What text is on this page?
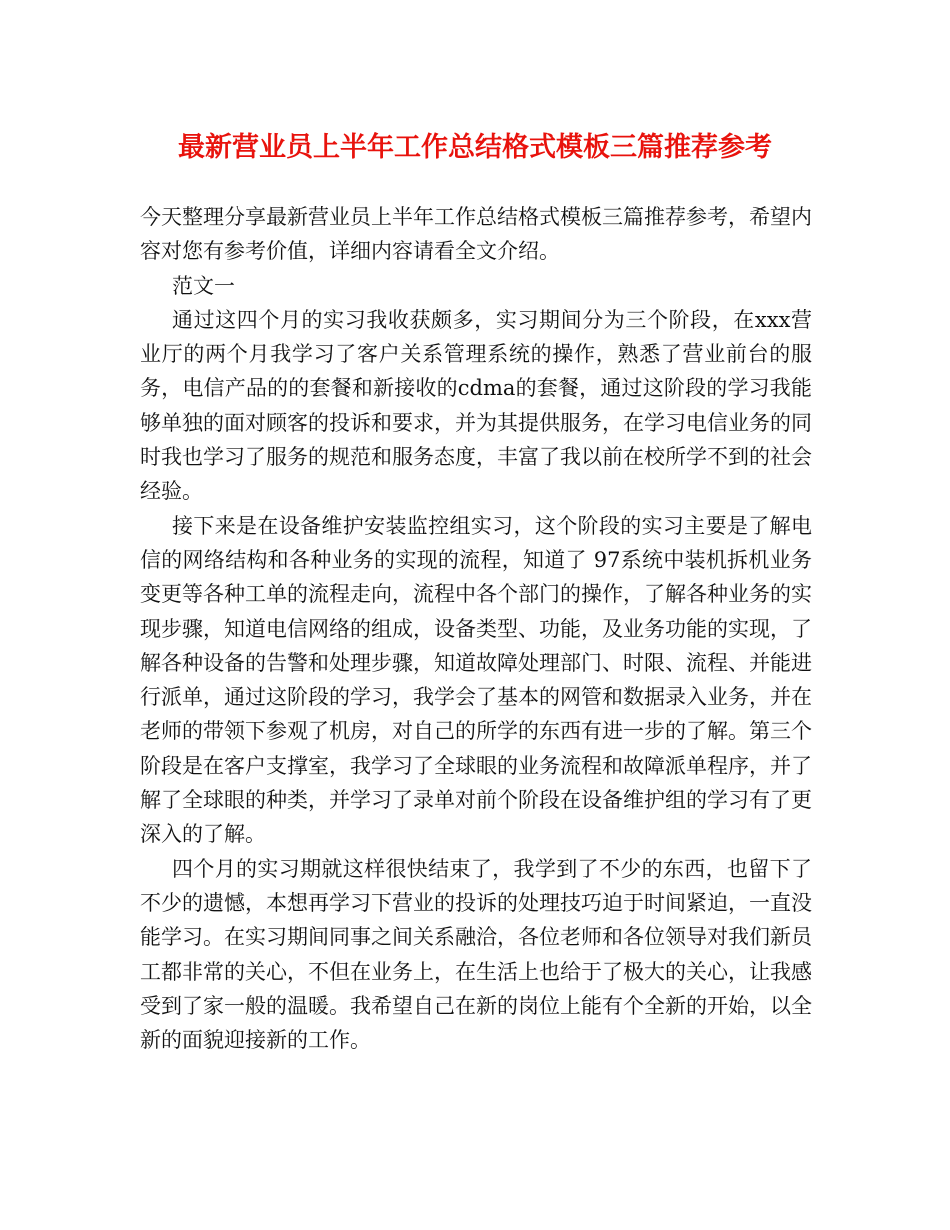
最新营业员上半年工作总结格式模板三篇推荐参考

今天整理分享最新营业员上半年工作总结格式模板三篇推荐参考，希望内容对您有参考价值，详细内容请看全文介绍。

范文一

通过这四个月的实习我收获颇多，实习期间分为三个阶段，在xxx营业厅的两个月我学习了客户关系管理系统的操作，熟悉了营业前台的服务，电信产品的的套餐和新接收的cdma的套餐，通过这阶段的学习我能够单独的面对顾客的投诉和要求，并为其提供服务，在学习电信业务的同时我也学习了服务的规范和服务态度，丰富了我以前在校所学不到的社会经验。

接下来是在设备维护安装监控组实习，这个阶段的实习主要是了解电信的网络结构和各种业务的实现的流程，知道了 97系统中装机拆机业务变更等各种工单的流程走向，流程中各个部门的操作，了解各种业务的实现步骤，知道电信网络的组成，设备类型、功能，及业务功能的实现，了解各种设备的告警和处理步骤，知道故障处理部门、时限、流程、并能进行派单，通过这阶段的学习，我学会了基本的网管和数据录入业务，并在老师的带领下参观了机房，对自己的所学的东西有进一步的了解。第三个阶段是在客户支撑室，我学习了全球眼的业务流程和故障派单程序，并了解了全球眼的种类，并学习了录单对前个阶段在设备维护组的学习有了更深入的了解。

四个月的实习期就这样很快结束了，我学到了不少的东西，也留下了不少的遗憾，本想再学习下营业的投诉的处理技巧迫于时间紧迫，一直没能学习。在实习期间同事之间关系融洽，各位老师和各位领导对我们新员工都非常的关心，不但在业务上，在生活上也给于了极大的关心，让我感受到了家一般的温暖。我希望自己在新的岗位上能有个全新的开始，以全新的面貌迎接新的工作。
